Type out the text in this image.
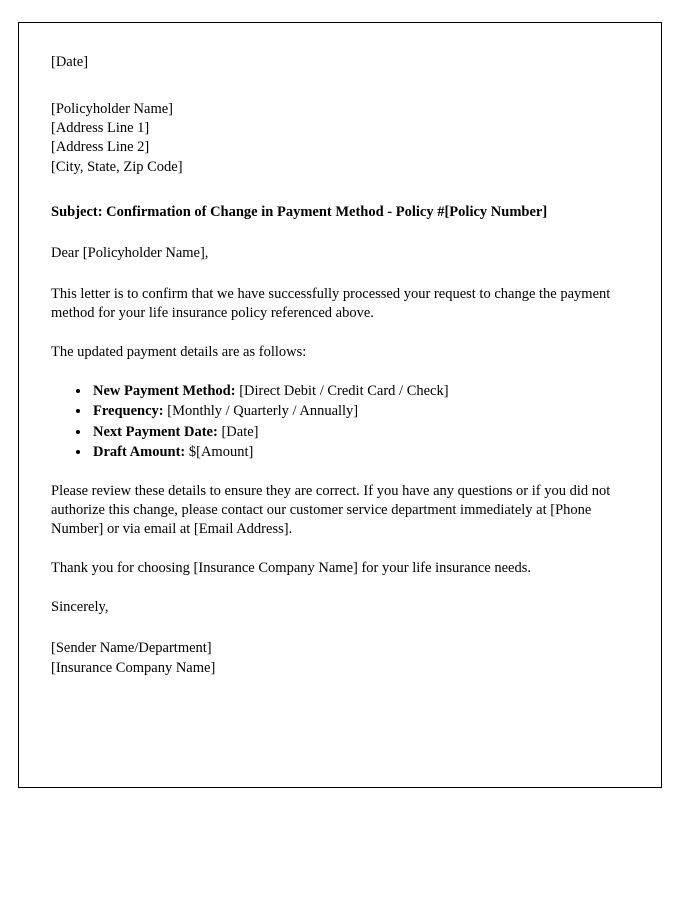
[Date]
[Policyholder Name]
[Address Line 1]
[Address Line 2]
[City, State, Zip Code]
Subject: Confirmation of Change in Payment Method - Policy #[Policy Number]
Dear [Policyholder Name],
This letter is to confirm that we have successfully processed your request to change the payment method for your life insurance policy referenced above.
The updated payment details are as follows:
• New Payment Method: [Direct Debit / Credit Card / Check]
• Frequency: [Monthly / Quarterly / Annually]
• Next Payment Date: [Date]
• Draft Amount: $[Amount]
Please review these details to ensure they are correct. If you have any questions or if you did not authorize this change, please contact our customer service department immediately at [Phone Number] or via email at [Email Address].
Thank you for choosing [Insurance Company Name] for your life insurance needs.
Sincerely,
[Sender Name/Department]
[Insurance Company Name]
